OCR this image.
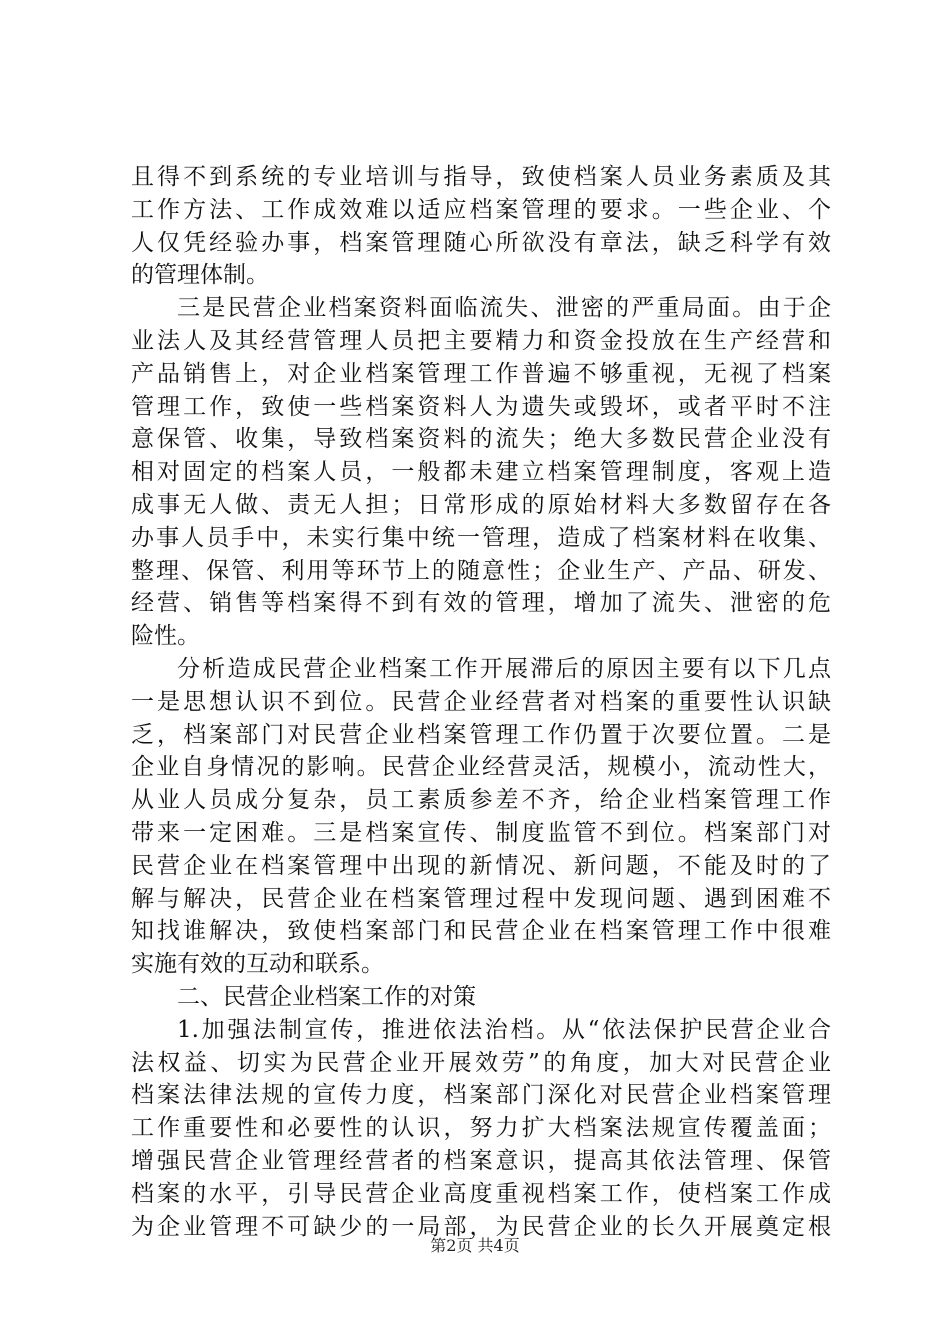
且得不到系统的专业培训与指导，致使档案人员业务素质及其
工作方法、工作成效难以适应档案管理的要求。一些企业、个
人仅凭经验办事，档案管理随心所欲没有章法，缺乏科学有效
的管理体制。
三是民营企业档案资料面临流失、泄密的严重局面。由于企
业法人及其经营管理人员把主要精力和资金投放在生产经营和
产品销售上，对企业档案管理工作普遍不够重视，无视了档案
管理工作，致使一些档案资料人为遗失或毁坏，或者平时不注
意保管、收集，导致档案资料的流失；绝大多数民营企业没有
相对固定的档案人员，一般都未建立档案管理制度，客观上造
成事无人做、责无人担；日常形成的原始材料大多数留存在各
办事人员手中，未实行集中统一管理，造成了档案材料在收集、
整理、保管、利用等环节上的随意性；企业生产、产品、研发、
经营、销售等档案得不到有效的管理，增加了流失、泄密的危
险性。
分析造成民营企业档案工作开展滞后的原因主要有以下几点
一是思想认识不到位。民营企业经营者对档案的重要性认识缺
乏，档案部门对民营企业档案管理工作仍置于次要位置。二是
企业自身情况的影响。民营企业经营灵活，规模小，流动性大，
从业人员成分复杂，员工素质参差不齐，给企业档案管理工作
带来一定困难。三是档案宣传、制度监管不到位。档案部门对
民营企业在档案管理中出现的新情况、新问题，不能及时的了
解与解决，民营企业在档案管理过程中发现问题、遇到困难不
知找谁解决，致使档案部门和民营企业在档案管理工作中很难
实施有效的互动和联系。
二、民营企业档案工作的对策
1.加强法制宣传，推进依法治档。从“依法保护民营企业合
法权益、切实为民营企业开展效劳”的角度，加大对民营企业
档案法律法规的宣传力度，档案部门深化对民营企业档案管理
工作重要性和必要性的认识，努力扩大档案法规宣传覆盖面；
增强民营企业管理经营者的档案意识，提高其依法管理、保管
档案的水平，引导民营企业高度重视档案工作，使档案工作成
为企业管理不可缺少的一局部，为民营企业的长久开展奠定根
第2页 共4页
